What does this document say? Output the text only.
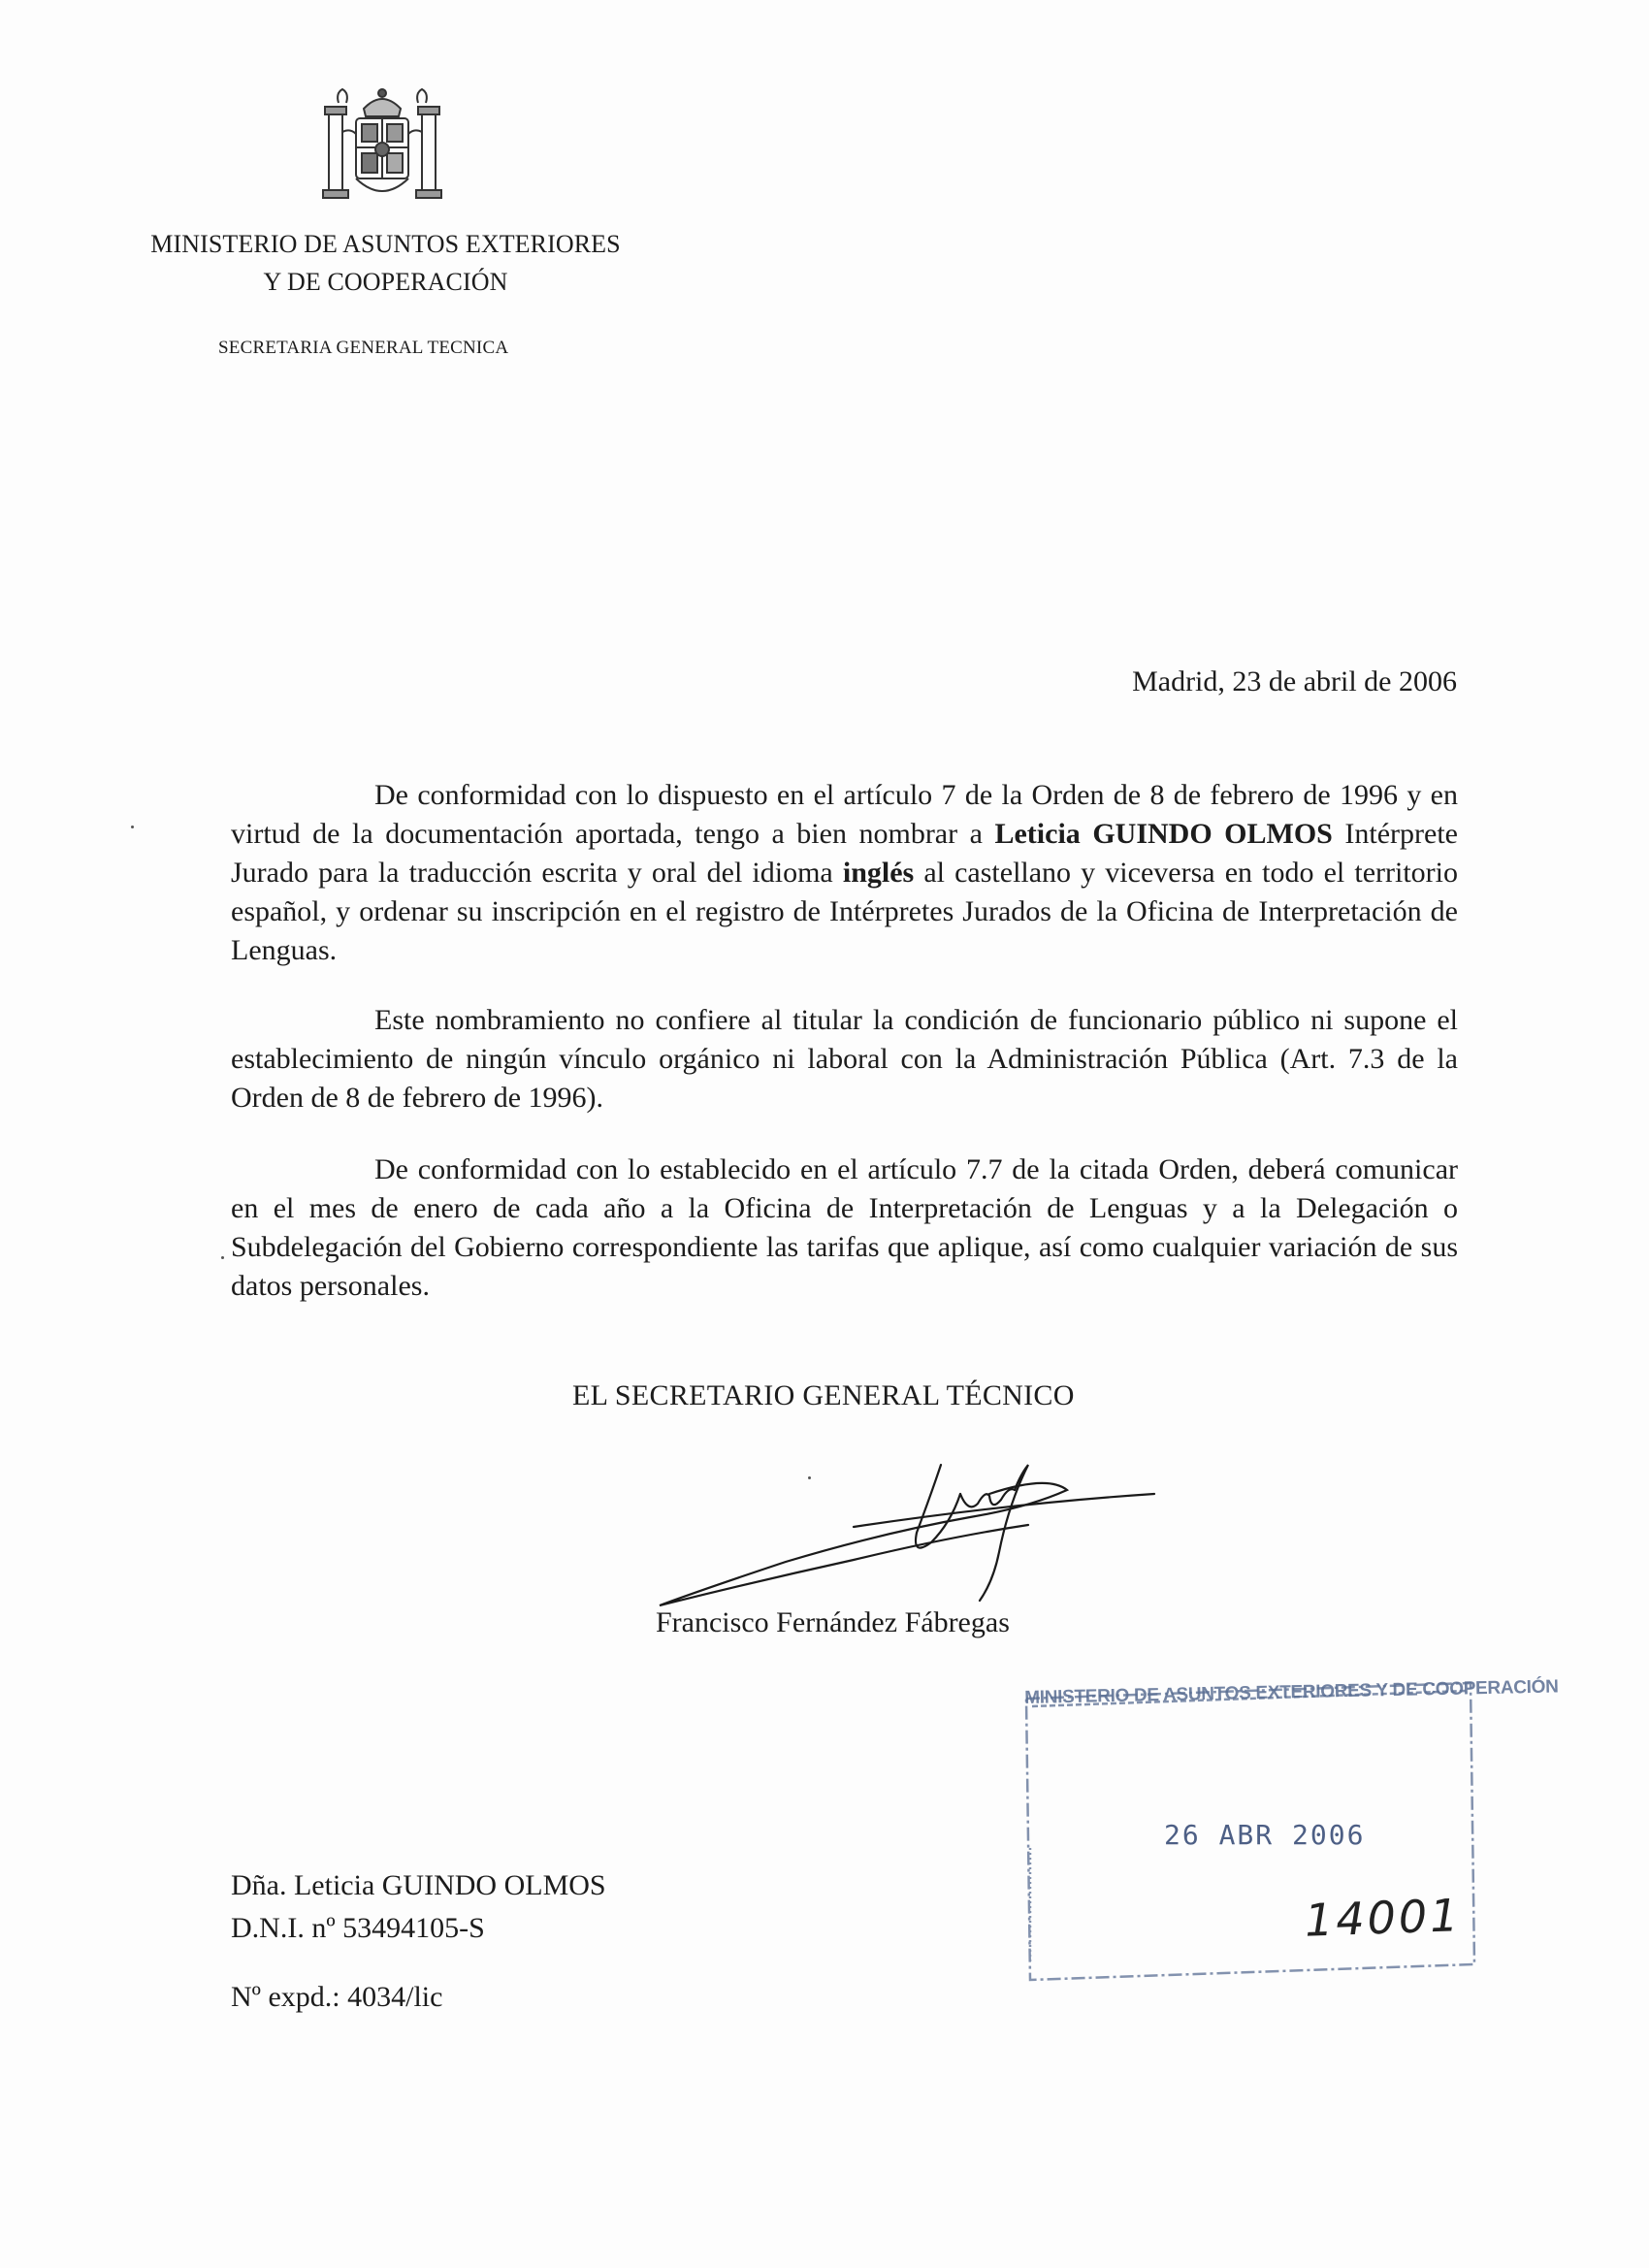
MINISTERIO DE ASUNTOS EXTERIORES
Y DE COOPERACIÓN
SECRETARIA GENERAL TECNICA
Madrid, 23 de abril de 2006

De conformidad con lo dispuesto en el artículo 7 de la Orden de 8 de febrero de 1996 y en virtud de la documentación aportada, tengo a bien nombrar a Leticia GUINDO OLMOS Intérprete Jurado para la traducción escrita y oral del idioma inglés al castellano y viceversa en todo el territorio español, y ordenar su inscripción en el registro de Intérpretes Jurados de la Oficina de Interpretación de Lenguas.

Este nombramiento no confiere al titular la condición de funcionario público ni supone el establecimiento de ningún vínculo orgánico ni laboral con la Administración Pública (Art. 7.3 de la Orden de 8 de febrero de 1996).

De conformidad con lo establecido en el artículo 7.7 de la citada Orden, deberá comunicar en el mes de enero de cada año a la Oficina de Interpretación de Lenguas y a la Delegación o Subdelegación del Gobierno correspondiente las tarifas que aplique, así como cualquier variación de sus datos personales.

EL SECRETARIO GENERAL TÉCNICO
Francisco Fernández Fábregas
MINISTERIO DE ASUNTOS EXTERIORES Y DE COOPERACIÓN
26 ABR 2006
14001
Dña. Leticia GUINDO OLMOS
D.N.I. nº 53494105-S
Nº expd.: 4034/lic
